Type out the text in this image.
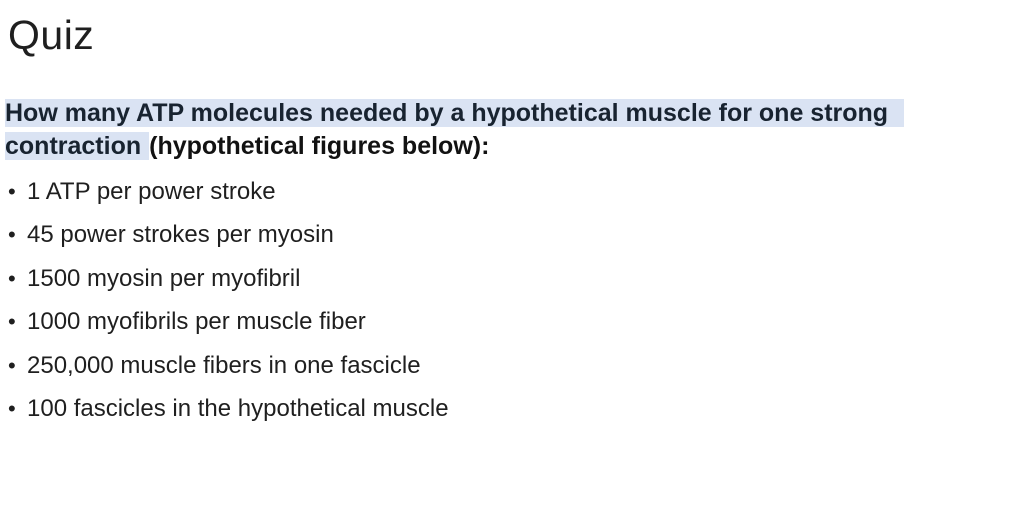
Quiz
How many ATP molecules needed by a hypothetical muscle for one strong
contraction (hypothetical figures below):
• 1 ATP per power stroke
• 45 power strokes per myosin
• 1500 myosin per myofibril
• 1000 myofibrils per muscle fiber
• 250,000 muscle fibers in one fascicle
• 100 fascicles in the hypothetical muscle
